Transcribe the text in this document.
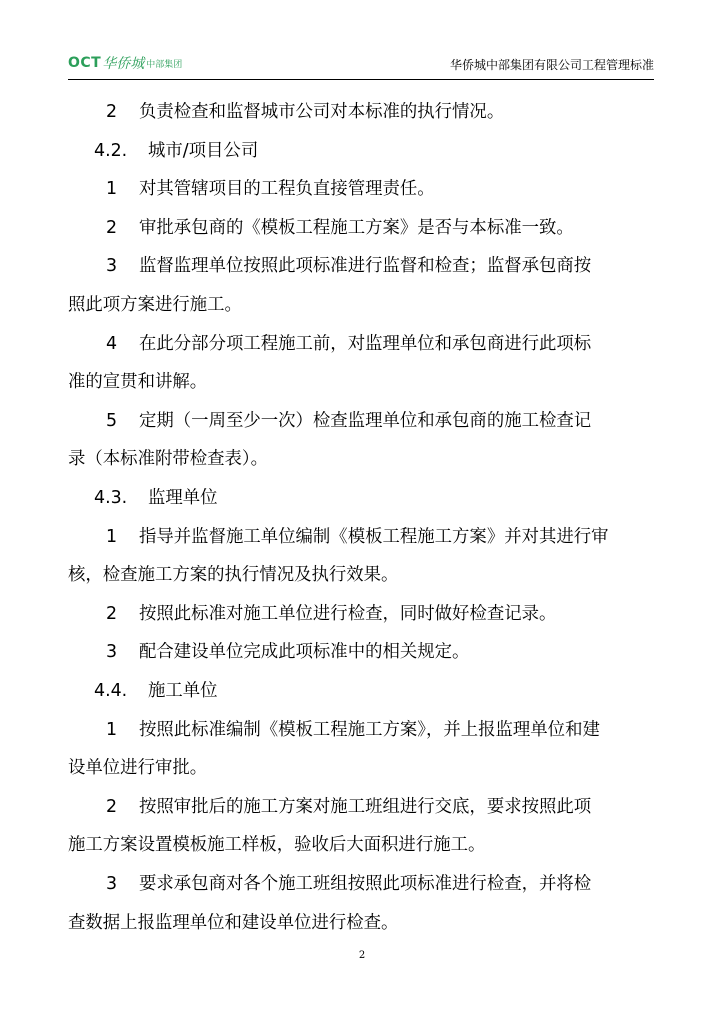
OCT 华侨城 中部集团	华侨城中部集团有限公司工程管理标准
2 负责检查和监督城市公司对本标准的执行情况。
4.2. 城市/项目公司
1 对其管辖项目的工程负直接管理责任。
2 审批承包商的《模板工程施工方案》是否与本标准一致。
3 监督监理单位按照此项标准进行监督和检查；监督承包商按
照此项方案进行施工。
4 在此分部分项工程施工前，对监理单位和承包商进行此项标
准的宣贯和讲解。
5 定期（一周至少一次）检查监理单位和承包商的施工检查记
录（本标准附带检查表）。
4.3. 监理单位
1 指导并监督施工单位编制《模板工程施工方案》并对其进行审
核，检查施工方案的执行情况及执行效果。
2 按照此标准对施工单位进行检查，同时做好检查记录。
3 配合建设单位完成此项标准中的相关规定。
4.4. 施工单位
1 按照此标准编制《模板工程施工方案》，并上报监理单位和建
设单位进行审批。
2 按照审批后的施工方案对施工班组进行交底，要求按照此项
施工方案设置模板施工样板，验收后大面积进行施工。
3 要求承包商对各个施工班组按照此项标准进行检查，并将检
查数据上报监理单位和建设单位进行检查。
2
